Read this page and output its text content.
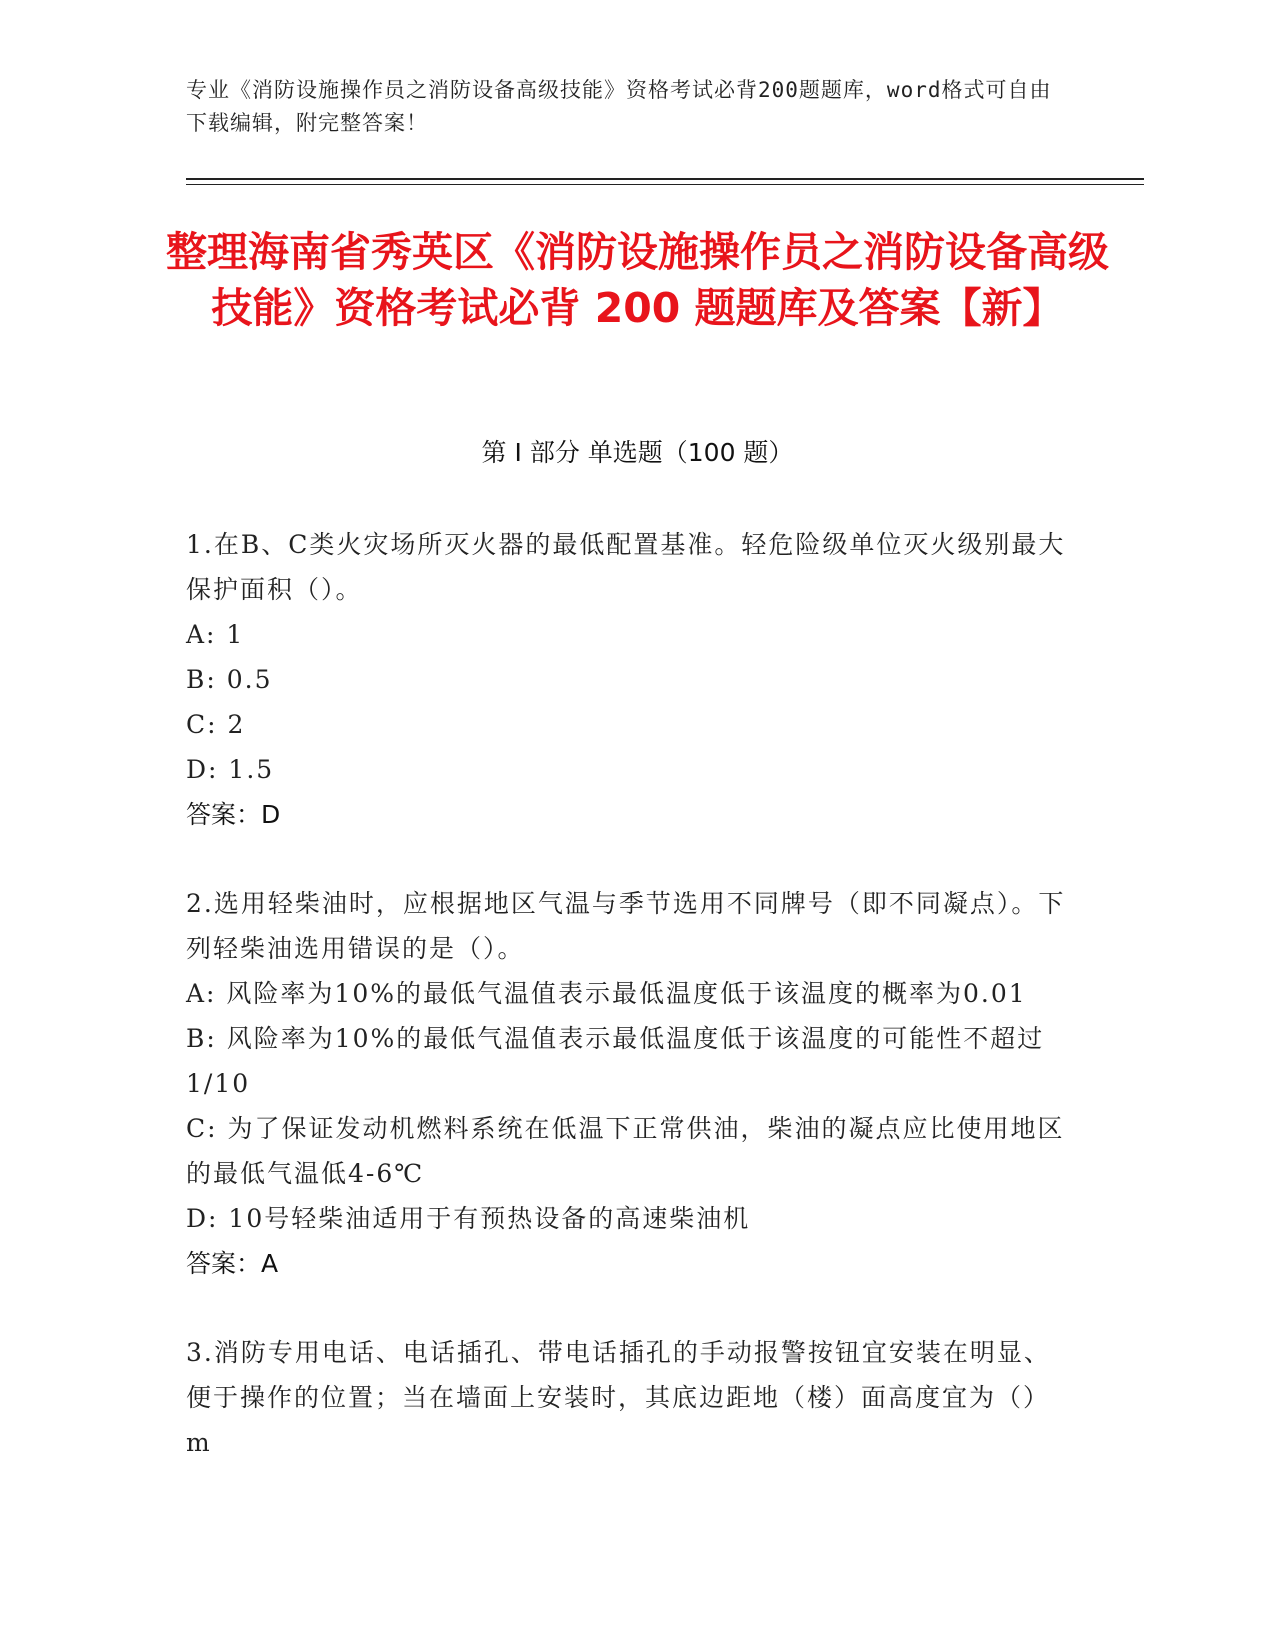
专业《消防设施操作员之消防设备高级技能》资格考试必背200题题库，word格式可自由下载编辑，附完整答案！
整理海南省秀英区《消防设施操作员之消防设备高级技能》资格考试必背 200 题题库及答案【新】
第 I 部分 单选题（100 题）
1.在B、C类火灾场所灭火器的最低配置基准。轻危险级单位灭火级别最大保护面积（）。
A: 1
B: 0.5
C: 2
D: 1.5
答案：D
2.选用轻柴油时，应根据地区气温与季节选用不同牌号（即不同凝点）。下列轻柴油选用错误的是（）。
A: 风险率为10%的最低气温值表示最低温度低于该温度的概率为0.01
B: 风险率为10%的最低气温值表示最低温度低于该温度的可能性不超过1/10
C: 为了保证发动机燃料系统在低温下正常供油，柴油的凝点应比使用地区的最低气温低4-6℃
D: 10号轻柴油适用于有预热设备的高速柴油机
答案：A
3.消防专用电话、电话插孔、带电话插孔的手动报警按钮宜安装在明显、便于操作的位置；当在墙面上安装时，其底边距地（楼）面高度宜为（）m
